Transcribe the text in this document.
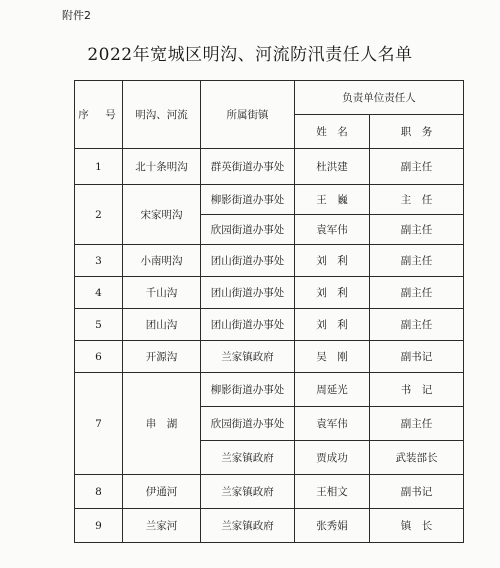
附件2
2022年宽城区明沟、河流防汛责任人名单
序　号	明沟、河流	所属街镇	负责单位责任人	
			姓　名	职　务
1	北十条明沟	群英街道办事处	杜洪建	副主任
2	宋家明沟	柳影街道办事处	王　巍	主　任
		欣园街道办事处	袁军伟	副主任
3	小南明沟	团山街道办事处	刘　利	副主任
4	千山沟	团山街道办事处	刘　利	副主任
5	团山沟	团山街道办事处	刘　利	副主任
6	开源沟	兰家镇政府	吴　刚	副书记
7	串　湖	柳影街道办事处	周延光	书　记
		欣园街道办事处	袁军伟	副主任
		兰家镇政府	贾成功	武装部长
8	伊通河	兰家镇政府	王相文	副书记
9	兰家河	兰家镇政府	张秀娟	镇　长
